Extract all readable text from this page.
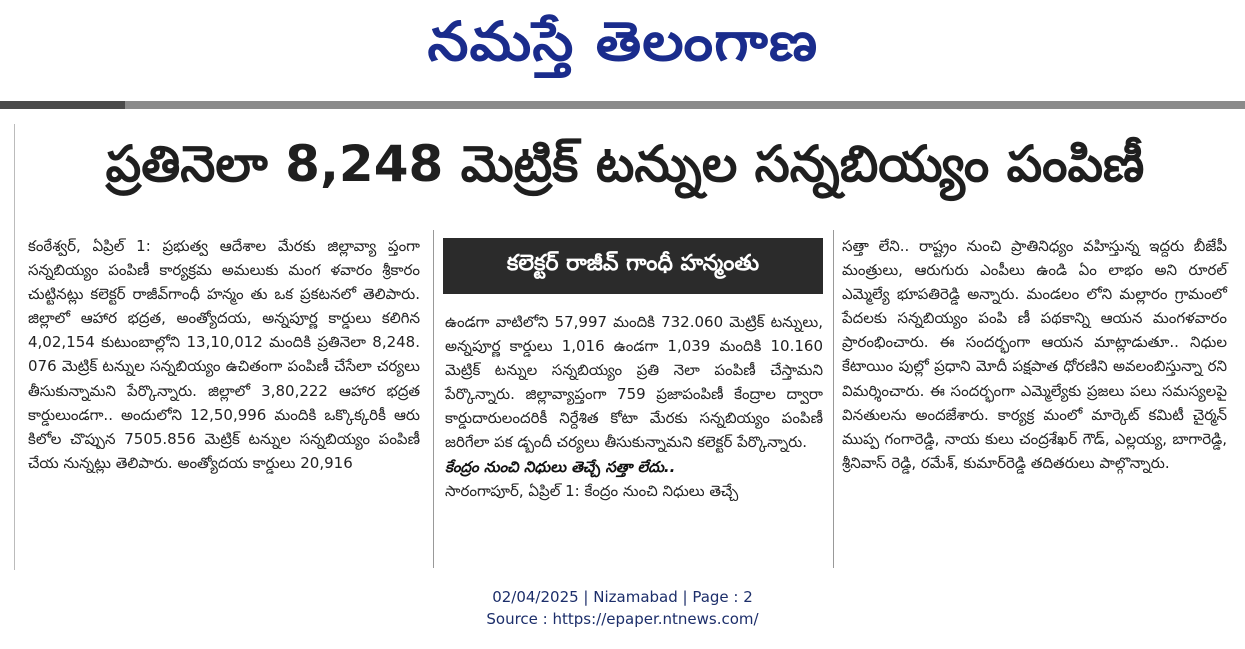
నమస్తే తెలంగాణ
ప్రతినెలా 8,248 మెట్రిక్ టన్నుల సన్నబియ్యం పంపిణీ

కంఠేశ్వర్, ఏప్రిల్ 1: ప్రభుత్వ ఆదేశాల మేరకు జిల్లావ్యా ప్తంగా సన్నబియ్యం పంపిణీ కార్యక్రమ అమలుకు మంగ ళవారం శ్రీకారం చుట్టినట్లు కలెక్టర్ రాజీవ్‌గాంధీ హన్మం తు ఒక ప్రకటనలో తెలిపారు. జిల్లాలో ఆహార భద్రత, అంత్యోదయ, అన్నపూర్ణ కార్డులు కలిగిన 4,02,154 కుటుంబాల్లోని 13,10,012 మందికి ప్రతినెలా 8,248. 076 మెట్రిక్ టన్నుల సన్నబియ్యం ఉచితంగా పంపిణీ చేసేలా చర్యలు తీసుకున్నామని పేర్కొన్నారు. జిల్లాలో 3,80,222 ఆహార భద్రత కార్డులుండగా.. అందులోని 12,50,996 మందికి ఒక్కొక్కరికీ ఆరు కిలోల చొప్పున 7505.856 మెట్రిక్ టన్నుల సన్నబియ్యం పంపిణీ చేయ నున్నట్లు తెలిపారు. అంత్యోదయ కార్డులు 20,916

కలెక్టర్ రాజీవ్ గాంధీ హన్మంతు

ఉండగా వాటిలోని 57,997 మందికి 732.060 మెట్రిక్ టన్నులు, అన్నపూర్ణ కార్డులు 1,016 ఉండగా 1,039 మందికి 10.160 మెట్రిక్ టన్నుల సన్నబియ్యం ప్రతి నెలా పంపిణీ చేస్తామని పేర్కొన్నారు. జిల్లావ్యాప్తంగా 759 ప్రజాపంపిణీ కేంద్రాల ద్వారా కార్డుదారులందరికీ నిర్దేశిత కోటా మేరకు సన్నబియ్యం పంపిణీ జరిగేలా పక డ్బందీ చర్యలు తీసుకున్నామని కలెక్టర్ పేర్కొన్నారు.

కేంద్రం నుంచి నిధులు తెచ్చే సత్తా లేదు..

సారంగాపూర్, ఏప్రిల్ 1: కేంద్రం నుంచి నిధులు తెచ్చే

సత్తా లేని.. రాష్ట్రం నుంచి ప్రాతినిధ్యం వహిస్తున్న ఇద్దరు బీజేపీ మంత్రులు, ఆరుగురు ఎంపీలు ఉండి ఏం లాభం అని రూరల్ ఎమ్మెల్యే భూపతిరెడ్డి అన్నారు. మండలం లోని మల్లారం గ్రామంలో పేదలకు సన్నబియ్యం పంపి ణీ పథకాన్ని ఆయన మంగళవారం ప్రారంభించారు. ఈ సందర్భంగా ఆయన మాట్లాడుతూ.. నిధుల కేటాయిం పుల్లో ప్రధాని మోదీ పక్షపాత ధోరణిని అవలంబిస్తున్నా రని విమర్శించారు. ఈ సందర్భంగా ఎమ్మెల్యేకు ప్రజలు పలు సమస్యలపై వినతులను అందజేశారు. కార్యక్ర మంలో మార్కెట్ కమిటీ చైర్మన్ ముప్ప గంగారెడ్డి, నాయ కులు చంద్రశేఖర్ గౌడ్, ఎల్లయ్య, బాగారెడ్డి, శ్రీనివాస్ రెడ్డి, రమేశ్, కుమార్‌రెడ్డి తదితరులు పాల్గొన్నారు.

02/04/2025 | Nizamabad | Page : 2
Source : https://epaper.ntnews.com/
